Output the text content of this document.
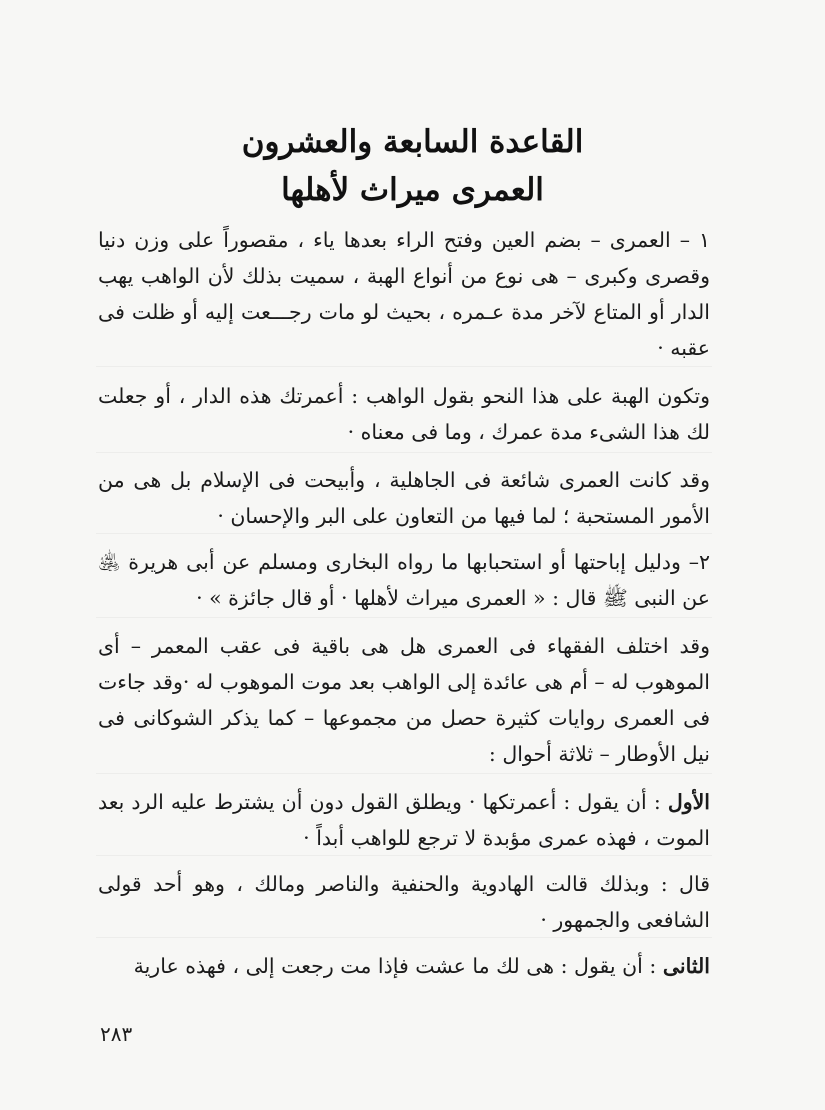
القاعدة السابعة والعشرون
العمرى ميراث لأهلها

١ – العمرى – بضم العين وفتح الراء بعدها ياء ، مقصوراً على وزن دنيا وقصرى وكبرى – هى نوع من أنواع الهبة ، سميت بذلك لأن الواهب يهب الدار أو المتاع لآخر مدة عـمره ، بحيث لو مات رجـــعت إليه أو ظلت فى عقبه ·

وتكون الهبة على هذا النحو بقول الواهب : أعمرتك هذه الدار ، أو جعلت لك هذا الشىء مدة عمرك ، وما فى معناه ·

وقد كانت العمرى شائعة فى الجاهلية ، وأبيحت فى الإسلام بل هى من الأمور المستحبة ؛ لما فيها من التعاون على البر والإحسان ·

٢– ودليل إباحتها أو استحبابها ما رواه البخارى ومسلم عن أبى هريرة ﵁ عن النبى ﷺ قال : « العمرى ميراث لأهلها · أو قال جائزة » ·

وقد اختلف الفقهاء فى العمرى هل هى باقية فى عقب المعمر – أى الموهوب له – أم هى عائدة إلى الواهب بعد موت الموهوب له ·وقد جاءت فى العمرى روايات كثيرة حصل من مجموعها – كما يذكر الشوكانى فى نيل الأوطار – ثلاثة أحوال :

الأول : أن يقول : أعمرتكها · ويطلق القول دون أن يشترط عليه الرد بعد الموت ، فهذه عمرى مؤبدة لا ترجع للواهب أبداً ·

قال : وبذلك قالت الهادوية والحنفية والناصر ومالك ، وهو أحد قولى الشافعى والجمهور ·

الثانى : أن يقول : هى لك ما عشت فإذا مت رجعت إلى ، فهذه عارية

٢٨٣
